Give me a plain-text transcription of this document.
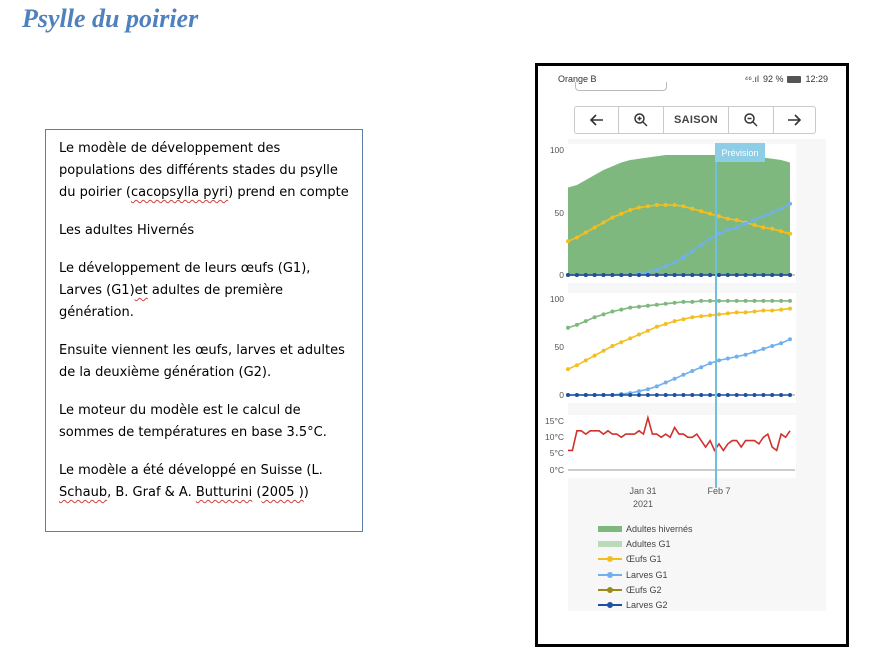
Psylle du poirier

Le modèle de développement des populations des différents stades du psylle du poirier (cacopsylla pyri) prend en compte

Les adultes Hivernés

Le développement de leurs œufs (G1), Larves (G1)et adultes de première génération.

Ensuite viennent les œufs, larves et adultes de la deuxième génération (G2).

Le moteur du modèle est le calcul de sommes de températures en base 3.5°C.

Le modèle a été développé en Suisse (L. Schaub, B. Graf & A. Butturini (2005 ))

Orange B	⁴⁶.ıl 92 % 12:29
SAISON
100
50
0
100
50
0
15°C
10°C
5°C
0°C
Prévision
Jan 31
2021
Feb 7
Adultes hivernés
Adultes G1
Œufs G1
Larves G1
Œufs G2
Larves G2
